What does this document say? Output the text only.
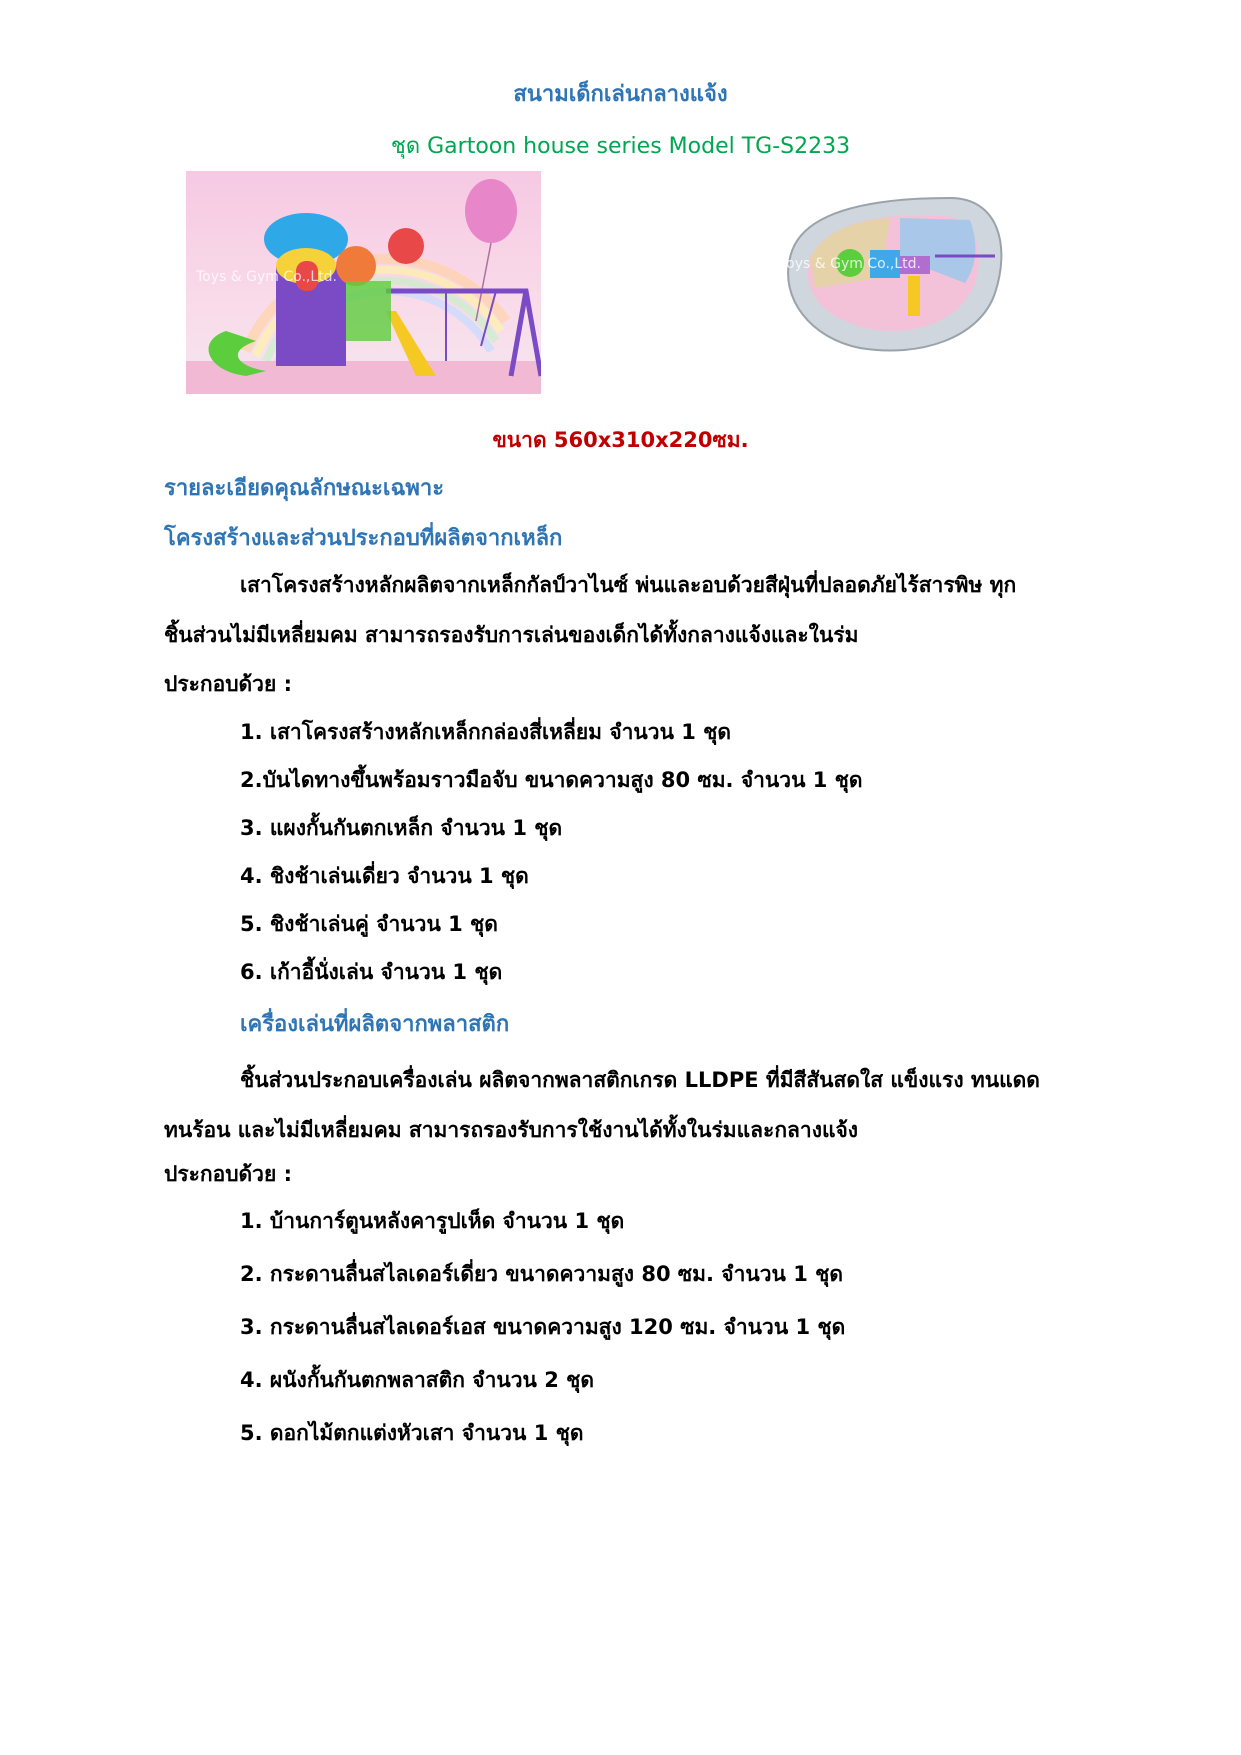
สนามเด็กเล่นกลางแจ้ง
ชุด Gartoon house series Model TG-S2233
Toys & Gym Co.,Ltd.
Toys & Gym Co.,Ltd.
ขนาด 560x310x220ซม.
รายละเอียดคุณลักษณะเฉพาะ
โครงสร้างและส่วนประกอบที่ผลิตจากเหล็ก
เสาโครงสร้างหลักผลิตจากเหล็กกัลป์วาไนซ์ พ่นและอบด้วยสีฝุ่นที่ปลอดภัยไร้สารพิษ ทุก
ชิ้นส่วนไม่มีเหลี่ยมคม สามารถรองรับการเล่นของเด็กได้ทั้งกลางแจ้งและในร่ม
ประกอบด้วย :
1. เสาโครงสร้างหลักเหล็กกล่องสี่เหลี่ยม จำนวน 1 ชุด
2.บันไดทางขึ้นพร้อมราวมือจับ ขนาดความสูง 80 ซม. จำนวน 1 ชุด
3. แผงกั้นกันตกเหล็ก จำนวน 1 ชุด
4. ชิงช้าเล่นเดี่ยว จำนวน 1 ชุด
5. ชิงช้าเล่นคู่ จำนวน 1 ชุด
6. เก้าอี้นั่งเล่น จำนวน 1 ชุด
เครื่องเล่นที่ผลิตจากพลาสติก
ชิ้นส่วนประกอบเครื่องเล่น ผลิตจากพลาสติกเกรด LLDPE ที่มีสีสันสดใส แข็งแรง ทนแดด
ทนร้อน และไม่มีเหลี่ยมคม สามารถรองรับการใช้งานได้ทั้งในร่มและกลางแจ้ง
ประกอบด้วย :
1. บ้านการ์ตูนหลังคารูปเห็ด จำนวน 1 ชุด
2. กระดานลื่นสไลเดอร์เดี่ยว ขนาดความสูง 80 ซม. จำนวน 1 ชุด
3. กระดานลื่นสไลเดอร์เอส ขนาดความสูง 120 ซม. จำนวน 1 ชุด
4. ผนังกั้นกันตกพลาสติก จำนวน 2 ชุด
5. ดอกไม้ตกแต่งหัวเสา จำนวน 1 ชุด
